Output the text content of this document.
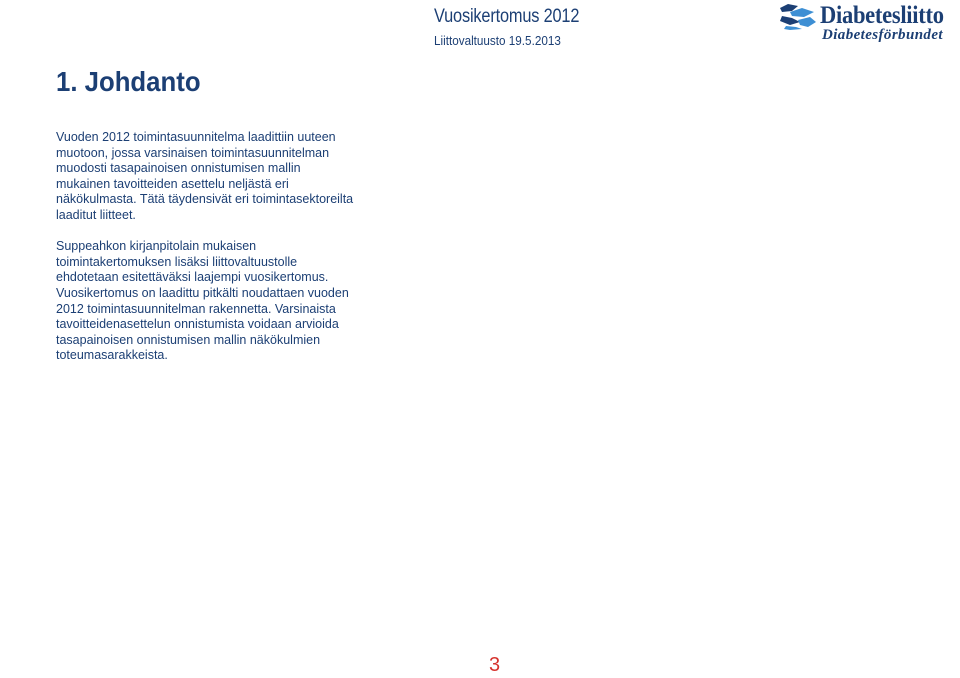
Vuosikertomus 2012
Liittovaltuusto 19.5.2013
Diabetesliitto
Diabetesförbundet
1. Johdanto

Vuoden 2012 toimintasuunnitelma laadittiin uuteen
muotoon, jossa varsinaisen toimintasuunnitelman
muodosti tasapainoisen onnistumisen mallin
mukainen tavoitteiden asettelu neljästä eri
näkökulmasta. Tätä täydensivät eri toimintasektoreilta
laaditut liitteet.

Suppeahkon kirjanpitolain mukaisen
toimintakertomuksen lisäksi liittovaltuustolle
ehdotetaan esitettäväksi laajempi vuosikertomus.
Vuosikertomus on laadittu pitkälti noudattaen vuoden
2012 toimintasuunnitelman rakennetta. Varsinaista
tavoitteidenasettelun onnistumista voidaan arvioida
tasapainoisen onnistumisen mallin näkökulmien
toteumasarakkeista.

3
